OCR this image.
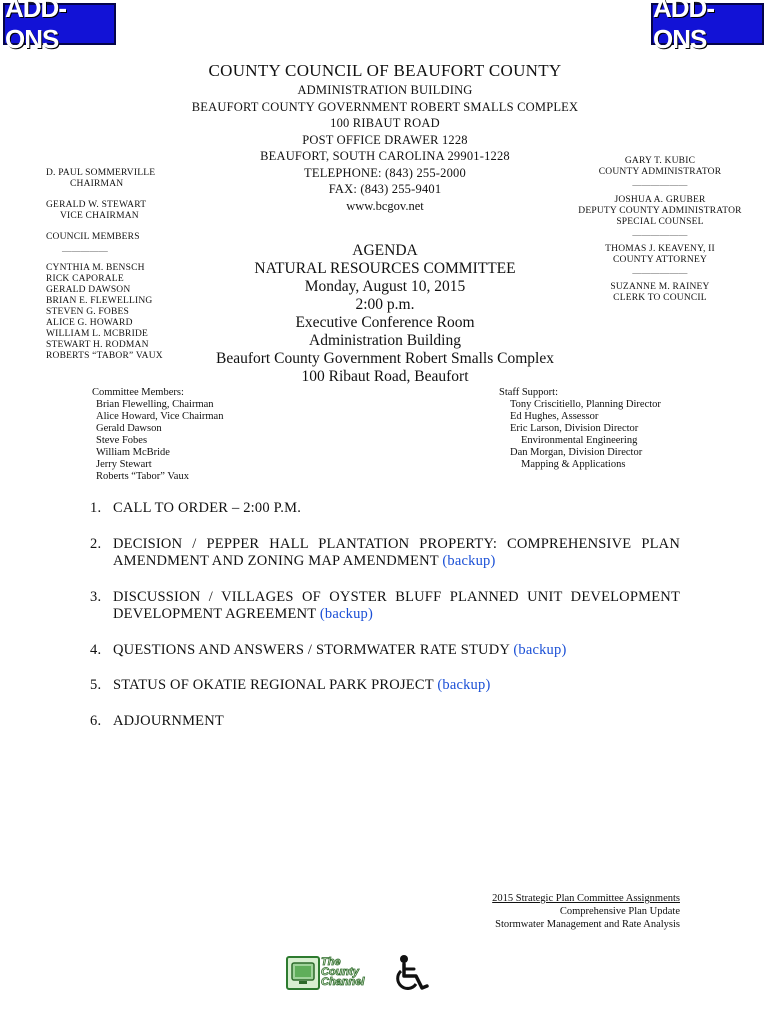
ADD-ONS
ADD-ONS
COUNTY COUNCIL OF BEAUFORT COUNTY
ADMINISTRATION BUILDING
BEAUFORT COUNTY GOVERNMENT ROBERT SMALLS COMPLEX
100 RIBAUT ROAD
POST OFFICE DRAWER 1228
BEAUFORT, SOUTH CAROLINA 29901-1228
TELEPHONE: (843) 255-2000
FAX: (843) 255-9401
www.bcgov.net
D. PAUL SOMMERVILLE
CHAIRMAN
GERALD W. STEWART
VICE CHAIRMAN
COUNCIL MEMBERS
—————
CYNTHIA M. BENSCH
RICK CAPORALE
GERALD DAWSON
BRIAN E. FLEWELLING
STEVEN G. FOBES
ALICE G. HOWARD
WILLIAM L. MCBRIDE
STEWART H. RODMAN
ROBERTS “TABOR” VAUX
GARY T. KUBIC
COUNTY ADMINISTRATOR
——————
JOSHUA A. GRUBER
DEPUTY COUNTY ADMINISTRATOR
SPECIAL COUNSEL
——————
THOMAS J. KEAVENY, II
COUNTY ATTORNEY
——————
SUZANNE M. RAINEY
CLERK TO COUNCIL
AGENDA
NATURAL RESOURCES COMMITTEE
Monday, August 10, 2015
2:00 p.m.
Executive Conference Room
Administration Building
Beaufort County Government Robert Smalls Complex
100 Ribaut Road, Beaufort
Committee Members:
Brian Flewelling, Chairman
Alice Howard, Vice Chairman
Gerald Dawson
Steve Fobes
William McBride
Jerry Stewart
Roberts “Tabor” Vaux
Staff Support:
Tony Criscitiello, Planning Director
Ed Hughes, Assessor
Eric Larson, Division Director
Environmental Engineering
Dan Morgan, Division Director
Mapping & Applications
1. CALL TO ORDER – 2:00 P.M.
2. DECISION / PEPPER HALL PLANTATION PROPERTY: COMPREHENSIVE PLAN AMENDMENT AND ZONING MAP AMENDMENT (backup)
3. DISCUSSION / VILLAGES OF OYSTER BLUFF PLANNED UNIT DEVELOPMENT DEVELOPMENT AGREEMENT (backup)
4. QUESTIONS AND ANSWERS / STORMWATER RATE STUDY (backup)
5. STATUS OF OKATIE REGIONAL PARK PROJECT (backup)
6. ADJOURNMENT
2015 Strategic Plan Committee Assignments
Comprehensive Plan Update
Stormwater Management and Rate Analysis
The
County
Channel
